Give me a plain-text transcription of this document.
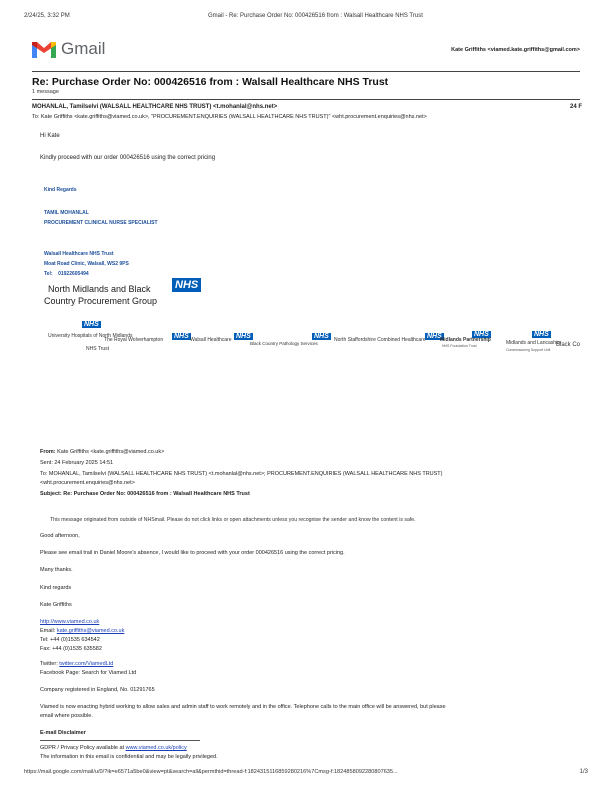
2/24/25, 3:32 PM	Gmail - Re: Purchase Order No: 000426516 from : Walsall Healthcare NHS Trust
Gmail	Kate Griffiths <viamed.kate.griffiths@gmail.com>
Re: Purchase Order No: 000426516 from : Walsall Healthcare NHS Trust
1 message
MOHANLAL, Tamilselvi (WALSALL HEALTHCARE NHS TRUST) <t.mohanlal@nhs.net>	24 F
To: Kate Griffiths <kate.griffiths@viamed.co.uk>, "PROCUREMENT.ENQUIRIES (WALSALL HEALTHCARE NHS TRUST)" <wht.procurement.enquiries@nhs.net>
Hi Kate
Kindly proceed with our order 000426516 using the correct pricing
Kind Regards
TAMIL MOHANLAL
PROCUREMENT CLINICAL NURSE SPECIALIST
Walsall Healthcare NHS Trust
Moat Road Clinic, Walsall, WS2 9PS
Tel: 01922605494
North Midlands and Black
Country Procurement Group
NHS
NHS
University Hospitals of North Midlands
NHS Trust
NHS
The Royal Wolverhampton	NHS
Walsall Healthcare	NHS
Black Country Pathology Services
NHS
North Staffordshire Combined Healthcare
NHS
Midlands Partnership
NHS Foundation Trust
NHS
Midlands and Lancashire
Commissioning Support Unit
Black Co
From: Kate Griffiths <kate.griffiths@viamed.co.uk>
Sent: 24 February 2025 14:51
To: MOHANLAL, Tamilselvi (WALSALL HEALTHCARE NHS TRUST) <t.mohanlal@nhs.net>; PROCUREMENT.ENQUIRIES (WALSALL HEALTHCARE NHS TRUST)
<wht.procurement.enquiries@nhs.net>
Subject: Re: Purchase Order No: 000426516 from : Walsall Healthcare NHS Trust
This message originated from outside of NHSmail. Please do not click links or open attachments unless you recognise the sender and know the content is safe.
Good afternoon,
Please see email trail in Daniel Moore's absence, I would like to proceed with your order 000426516 using the correct pricing.
Many thanks.
Kind regards
Kate Griffiths
http://www.viamed.co.uk
Email: kate.griffiths@viamed.co.uk
Tel: +44 (0)1535 634542
Fax: +44 (0)1535 635582
Twitter: twitter.com/ViamedLtd
Facebook Page: Search for Viamed Ltd
Company registered in England, No. 01291765
Viamed is now enacting hybrid working to allow sales and admin staff to work remotely and in the office. Telephone calls to the main office will be answered, but please
email where possible.
E-mail Disclaimer
GDPR / Privacy Policy available at www.viamed.co.uk/policy
The information in this email is confidential and may be legally privileged.
https://mail.google.com/mail/u/0/?ik=e6571a5be0&view=pt&search=all&permthid=thread-f:1824315116859280216%7Cmsg-f:1824858092280807635...	1/3
